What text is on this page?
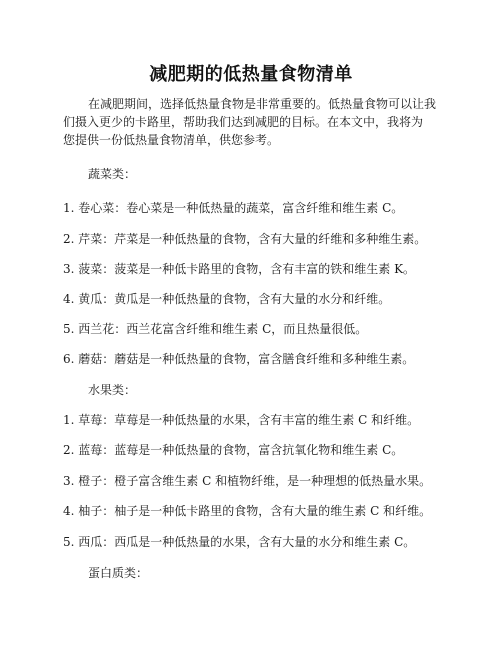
减肥期的低热量食物清单
在减肥期间，选择低热量食物是非常重要的。低热量食物可以让我
们摄入更少的卡路里，帮助我们达到减肥的目标。在本文中，我将为
您提供一份低热量食物清单，供您参考。
蔬菜类：
1. 卷心菜：卷心菜是一种低热量的蔬菜，富含纤维和维生素 C。
2. 芹菜：芹菜是一种低热量的食物，含有大量的纤维和多种维生素。
3. 菠菜：菠菜是一种低卡路里的食物，含有丰富的铁和维生素 K。
4. 黄瓜：黄瓜是一种低热量的食物，含有大量的水分和纤维。
5. 西兰花：西兰花富含纤维和维生素 C，而且热量很低。
6. 蘑菇：蘑菇是一种低热量的食物，富含膳食纤维和多种维生素。
水果类：
1. 草莓：草莓是一种低热量的水果，含有丰富的维生素 C 和纤维。
2. 蓝莓：蓝莓是一种低热量的食物，富含抗氧化物和维生素 C。
3. 橙子：橙子富含维生素 C 和植物纤维，是一种理想的低热量水果。
4. 柚子：柚子是一种低卡路里的食物，含有大量的维生素 C 和纤维。
5. 西瓜：西瓜是一种低热量的水果，含有大量的水分和维生素 C。
蛋白质类：
